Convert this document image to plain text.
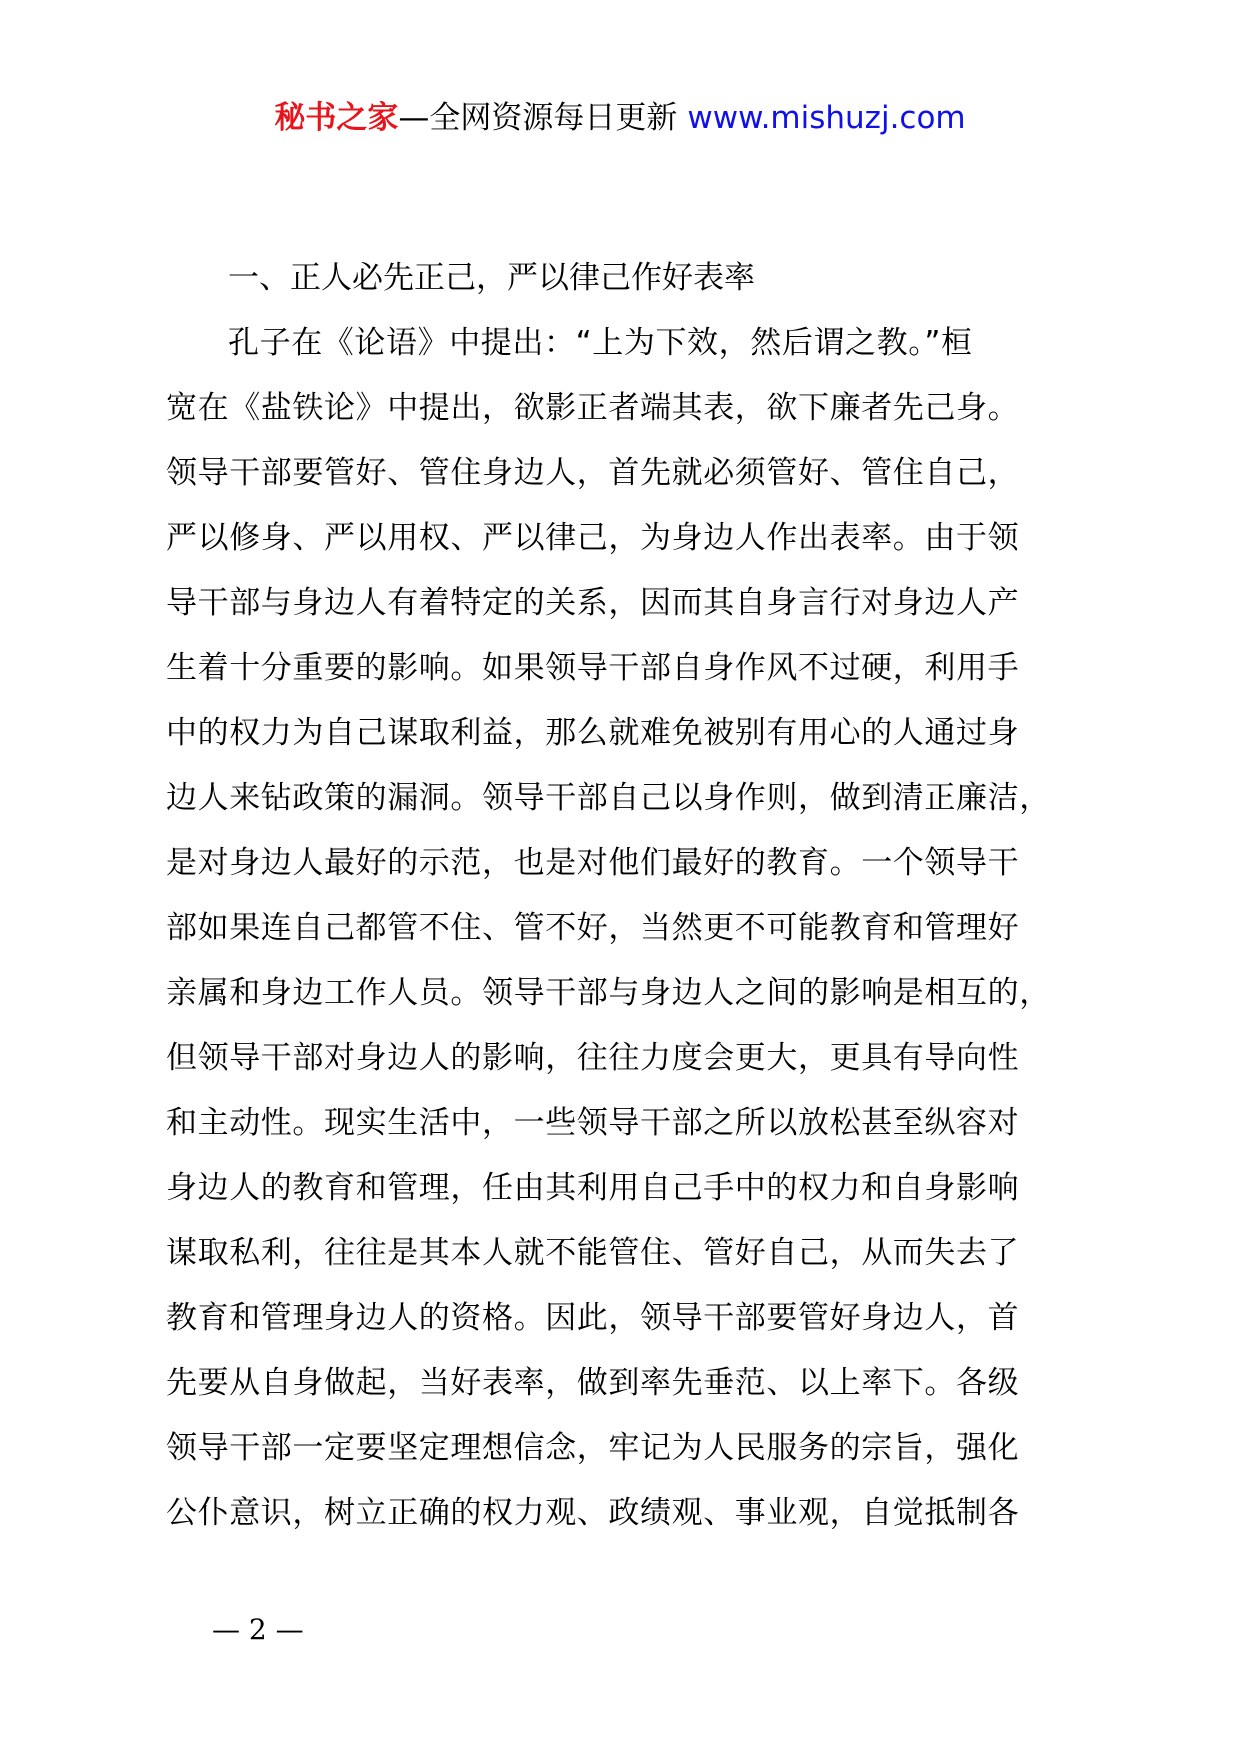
秘书之家—全网资源每日更新 www.mishuzj.com
一、正人必先正己，严以律己作好表率
孔子在《论语》中提出：“上为下效，然后谓之教。”桓
宽在《盐铁论》中提出，欲影正者端其表，欲下廉者先己身。
领导干部要管好、管住身边人，首先就必须管好、管住自己，
严以修身、严以用权、严以律己，为身边人作出表率。由于领
导干部与身边人有着特定的关系，因而其自身言行对身边人产
生着十分重要的影响。如果领导干部自身作风不过硬，利用手
中的权力为自己谋取利益，那么就难免被别有用心的人通过身
边人来钻政策的漏洞。领导干部自己以身作则，做到清正廉洁，
是对身边人最好的示范，也是对他们最好的教育。一个领导干
部如果连自己都管不住、管不好，当然更不可能教育和管理好
亲属和身边工作人员。领导干部与身边人之间的影响是相互的，
但领导干部对身边人的影响，往往力度会更大，更具有导向性
和主动性。现实生活中，一些领导干部之所以放松甚至纵容对
身边人的教育和管理，任由其利用自己手中的权力和自身影响
谋取私利，往往是其本人就不能管住、管好自己，从而失去了
教育和管理身边人的资格。因此，领导干部要管好身边人，首
先要从自身做起，当好表率，做到率先垂范、以上率下。各级
领导干部一定要坚定理想信念，牢记为人民服务的宗旨，强化
公仆意识，树立正确的权力观、政绩观、事业观，自觉抵制各
— 2 —
